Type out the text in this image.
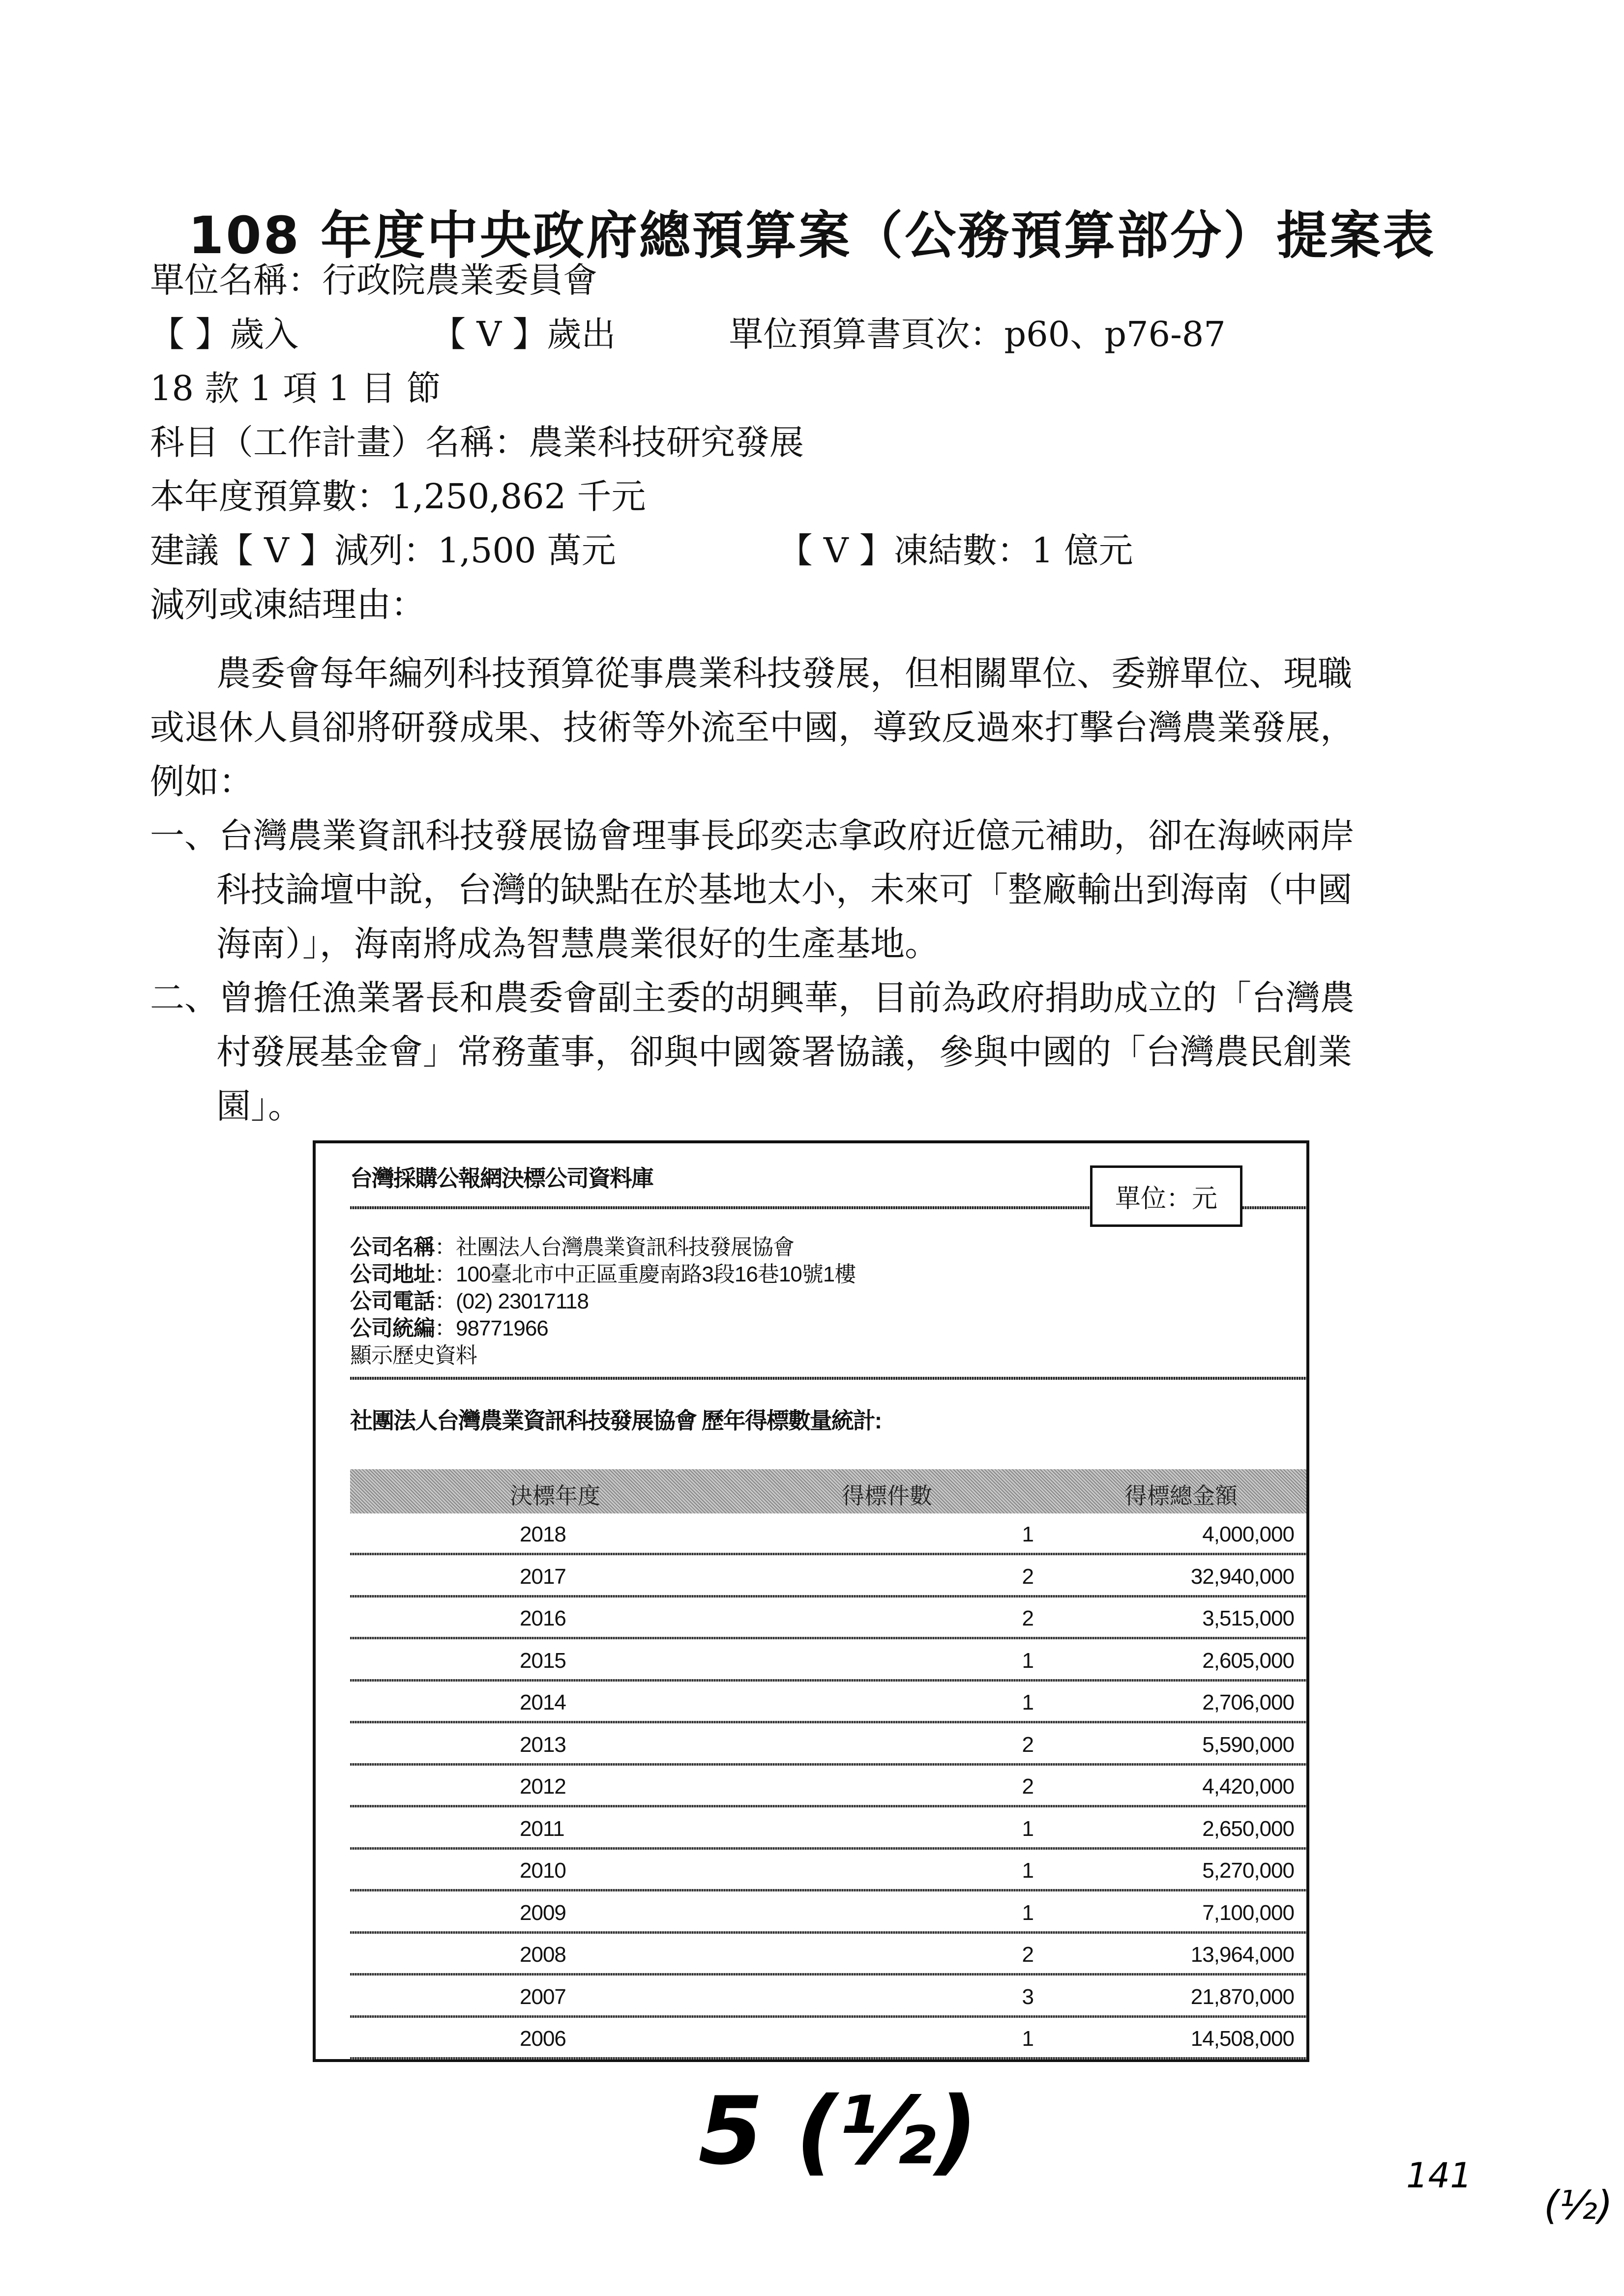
108 年度中央政府總預算案（公務預算部分）提案表
單位名稱：行政院農業委員會
【 】歲入	【 V 】歲出	單位預算書頁次：p60、p76-87
18 款 1 項 1 目 節
科目（工作計畫）名稱：農業科技研究發展
本年度預算數：1,250,862 千元
建議【 V 】減列：1,500 萬元	【 V 】凍結數：1 億元
減列或凍結理由：
農委會每年編列科技預算從事農業科技發展，但相關單位、委辦單位、現職
或退休人員卻將研發成果、技術等外流至中國，導致反過來打擊台灣農業發展，
例如：
一、台灣農業資訊科技發展協會理事長邱奕志拿政府近億元補助，卻在海峽兩岸
科技論壇中說，台灣的缺點在於基地太小，未來可「整廠輸出到海南（中國
海南）」，海南將成為智慧農業很好的生產基地。
二、曾擔任漁業署長和農委會副主委的胡興華，目前為政府捐助成立的「台灣農
村發展基金會」常務董事，卻與中國簽署協議，參與中國的「台灣農民創業
園」。
台灣採購公報網決標公司資料庫
單位：元
公司名稱：社團法人台灣農業資訊科技發展協會
公司地址：100臺北市中正區重慶南路3段16巷10號1樓
公司電話：(02) 23017118
公司統編：98771966
顯示歷史資料
社團法人台灣農業資訊科技發展協會 歷年得標數量統計:
決標年度	得標件數	得標總金額
2018	1	4,000,000
2017	2	32,940,000
2016	2	3,515,000
2015	1	2,605,000
2014	1	2,706,000
2013	2	5,590,000
2012	2	4,420,000
2011	1	2,650,000
2010	1	5,270,000
2009	1	7,100,000
2008	2	13,964,000
2007	3	21,870,000
2006	1	14,508,000
5 (½)	141
(½)
